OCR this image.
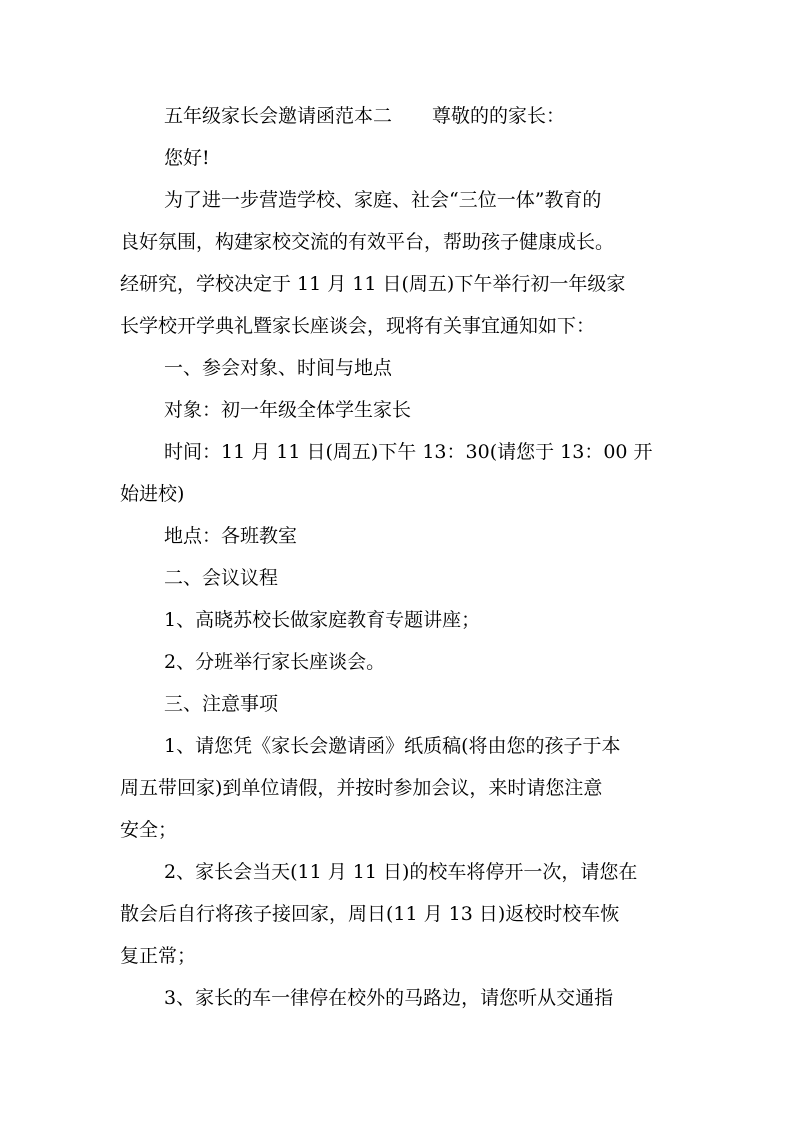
五年级家长会邀请函范本二 尊敬的的家长：
您好!
为了进一步营造学校、家庭、社会“三位一体”教育的
良好氛围，构建家校交流的有效平台，帮助孩子健康成长。
经研究，学校决定于 11 月 11 日(周五)下午举行初一年级家
长学校开学典礼暨家长座谈会，现将有关事宜通知如下：
一、参会对象、时间与地点
对象：初一年级全体学生家长
时间：11 月 11 日(周五)下午 13：30(请您于 13：00 开
始进校)
地点：各班教室
二、会议议程
1、高晓苏校长做家庭教育专题讲座；
2、分班举行家长座谈会。
三、注意事项
1、请您凭《家长会邀请函》纸质稿(将由您的孩子于本
周五带回家)到单位请假，并按时参加会议，来时请您注意
安全；
2、家长会当天(11 月 11 日)的校车将停开一次，请您在
散会后自行将孩子接回家，周日(11 月 13 日)返校时校车恢
复正常；
3、家长的车一律停在校外的马路边，请您听从交通指
